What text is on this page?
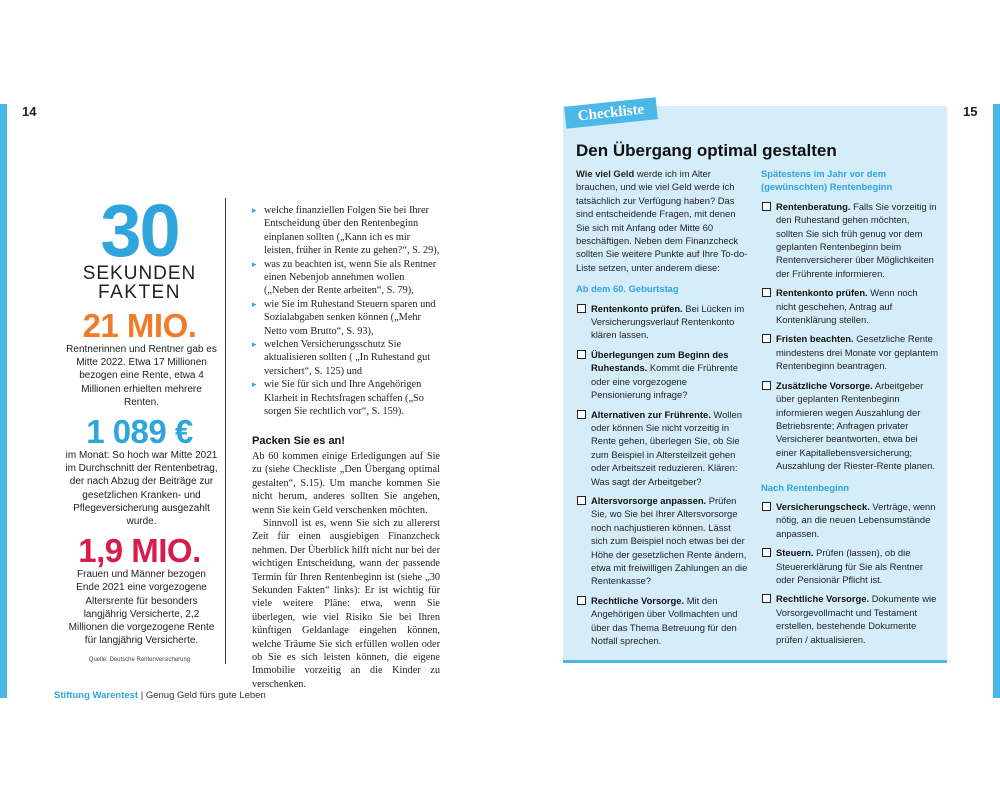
14	15
30
SEKUNDEN
FAKTEN
21 MIO.
Rentnerinnen und Rentner gab es Mitte 2022. Etwa 17 Millionen bezogen eine Rente, etwa 4 Millionen erhielten mehrere Renten.
1 089 €
im Monat: So hoch war Mitte 2021 im Durchschnitt der Rentenbetrag, der nach Abzug der Beiträge zur gesetzlichen Kranken- und Pflegeversicherung ausgezahlt wurde.
1,9 MIO.
Frauen und Männer bezogen Ende 2021 eine vorgezogene Altersrente für besonders langjährig Versicherte, 2,2 Millionen die vorgezogene Rente für langjährig Versicherte.
Quelle: Deutsche Rentenversicherung
▸ welche finanziellen Folgen Sie bei Ihrer Entscheidung über den Rentenbeginn einplanen sollten („Kann ich es mir leisten, früher in Rente zu gehen?“, S. 29),
▸ was zu beachten ist, wenn Sie als Rentner einen Nebenjob annehmen wollen („Neben der Rente arbeiten“, S. 79),
▸ wie Sie im Ruhestand Steuern sparen und Sozialabgaben senken können („Mehr Netto vom Brutto“, S. 93),
▸ welchen Versicherungsschutz Sie aktualisieren sollten ( „In Ruhestand gut versichert“, S. 125) und
▸ wie Sie für sich und Ihre Angehörigen Klarheit in Rechtsfragen schaffen („So sorgen Sie rechtlich vor“, S. 159).
Packen Sie es an!

Ab 60 kommen einige Erledigungen auf Sie zu (siehe Checkliste „Den Übergang optimal gestalten“, S.15). Um manche kommen Sie nicht herum, anderes sollten Sie angehen, wenn Sie kein Geld verschenken möchten.

Sinnvoll ist es, wenn Sie sich zu allererst Zeit für einen ausgiebigen Finanzcheck nehmen. Der Überblick hilft nicht nur bei der wichtigen Entscheidung, wann der passende Termin für Ihren Rentenbeginn ist (siehe „30 Sekunden Fakten“ links): Er ist wichtig für viele weitere Pläne: etwa, wenn Sie überlegen, wie viel Risiko Sie bei Ihren künftigen Geldanlage eingehen können, welche Träume Sie sich erfüllen wollen oder ob Sie es sich leisten können, die eigene Immobilie vorzeitig an die Kinder zu verschenken.

Stiftung Warentest | Genug Geld fürs gute Leben
Checkliste
Den Übergang optimal gestalten

Wie viel Geld werde ich im Alter brauchen, und wie viel Geld werde ich tatsächlich zur Verfügung haben? Das sind entscheidende Fragen, mit denen Sie sich mit Anfang oder Mitte 60 beschäftigen. Neben dem Finanzcheck sollten Sie weitere Punkte auf Ihre To-do-Liste setzen, unter anderem diese:

Ab dem 60. Geburtstag
Rentenkonto prüfen. Bei Lücken im Versicherungsverlauf Rentenkonto klären lassen.
Überlegungen zum Beginn des Ruhestands. Kommt die Frührente oder eine vorgezogene Pensionierung infrage?
Alternativen zur Frührente. Wollen oder können Sie nicht vorzeitig in Rente gehen, überlegen Sie, ob Sie zum Beispiel in Altersteilzeit gehen oder Arbeitszeit reduzieren. Klären: Was sagt der Arbeitgeber?
Altersvorsorge anpassen. Prüfen Sie, wo Sie bei Ihrer Altersvorsorge noch nachjustieren können. Lässt sich zum Beispiel noch etwas bei der Höhe der gesetzlichen Rente ändern, etwa mit freiwilligen Zahlungen an die Rentenkasse?
Rechtliche Vorsorge. Mit den Angehörigen über Vollmachten und über das Thema Betreuung für den Notfall sprechen.
Spätestens im Jahr vor dem (gewünschten) Rentenbeginn
Rentenberatung. Falls Sie vorzeitig in den Ruhestand gehen möchten, sollten Sie sich früh genug vor dem geplanten Rentenbeginn beim Rentenversicherer über Möglichkeiten der Frührente informieren.
Rentenkonto prüfen. Wenn noch nicht geschehen, Antrag auf Kontenklärung stellen.
Fristen beachten. Gesetzliche Rente mindestens drei Monate vor geplantem Rentenbeginn beantragen.
Zusätzliche Vorsorge. Arbeitgeber über geplanten Rentenbeginn informieren wegen Auszahlung der Betriebsrente; Anfragen privater Versicherer beantworten, etwa bei einer Kapitallebensversicherung; Auszahlung der Riester-Rente planen.
Nach Rentenbeginn
Versicherungscheck. Verträge, wenn nötig, an die neuen Lebensumstände anpassen.
Steuern. Prüfen (lassen), ob die Steuererklärung für Sie als Rentner oder Pensionär Pflicht ist.
Rechtliche Vorsorge. Dokumente wie Vorsorgevollmacht und Testament erstellen, bestehende Dokumente prüfen / aktualisieren.
